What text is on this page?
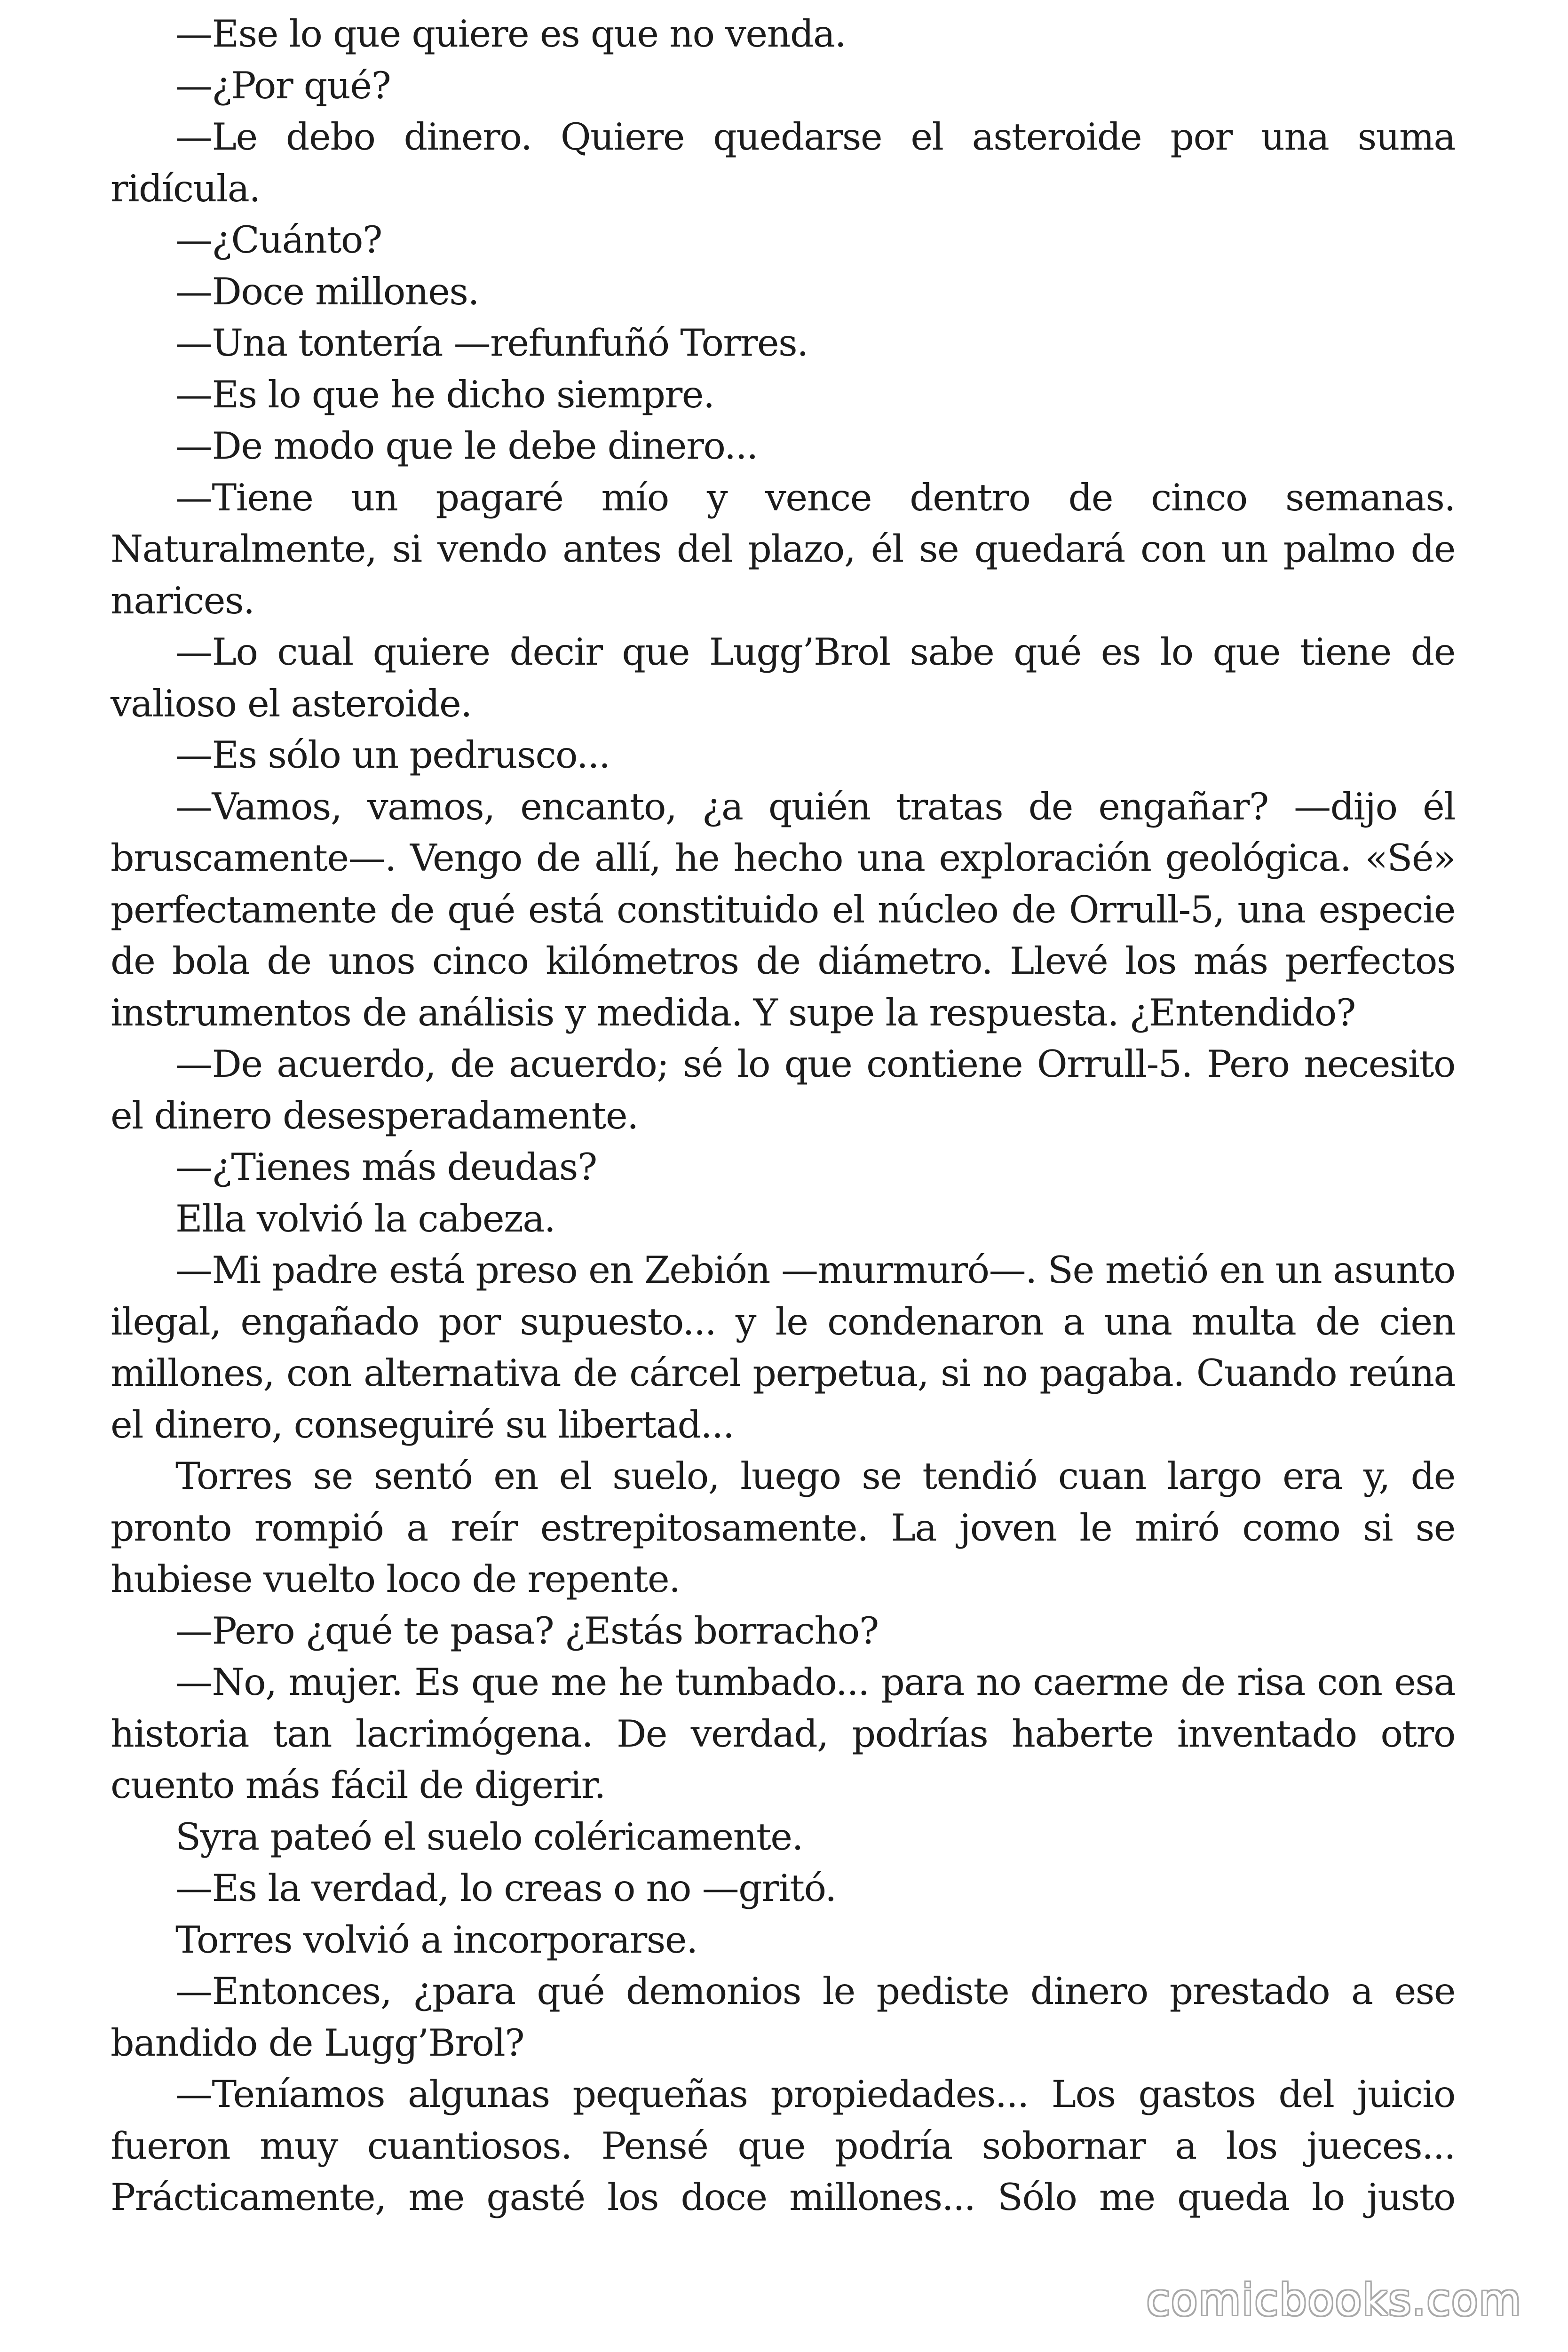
—Ese lo que quiere es que no venda.

—¿Por qué?

—Le debo dinero. Quiere quedarse el asteroide por una suma ridícula.

—¿Cuánto?

—Doce millones.

—Una tontería —refunfuñó Torres.

—Es lo que he dicho siempre.

—De modo que le debe dinero...

—Tiene un pagaré mío y vence dentro de cinco semanas. Naturalmente, si vendo antes del plazo, él se quedará con un palmo de narices.

—Lo cual quiere decir que Lugg’Brol sabe qué es lo que tiene de valioso el asteroide.

—Es sólo un pedrusco...

—Vamos, vamos, encanto, ¿a quién tratas de engañar? —dijo él bruscamente—. Vengo de allí, he hecho una exploración geológica. «Sé» perfectamente de qué está constituido el núcleo de Orrull-5, una especie de bola de unos cinco kilómetros de diámetro. Llevé los más perfectos instrumentos de análisis y medida. Y supe la respuesta. ¿Entendido?

—De acuerdo, de acuerdo; sé lo que contiene Orrull-5. Pero necesito el dinero desesperadamente.

—¿Tienes más deudas?

Ella volvió la cabeza.

—Mi padre está preso en Zebión —murmuró—. Se metió en un asunto ilegal, engañado por supuesto... y le condenaron a una multa de cien millones, con alternativa de cárcel perpetua, si no pagaba. Cuando reúna el dinero, conseguiré su libertad...

Torres se sentó en el suelo, luego se tendió cuan largo era y, de pronto rompió a reír estrepitosamente. La joven le miró como si se hubiese vuelto loco de repente.

—Pero ¿qué te pasa? ¿Estás borracho?

—No, mujer. Es que me he tumbado... para no caerme de risa con esa historia tan lacrimógena. De verdad, podrías haberte inventado otro cuento más fácil de digerir.

Syra pateó el suelo coléricamente.

—Es la verdad, lo creas o no —gritó.

Torres volvió a incorporarse.

—Entonces, ¿para qué demonios le pediste dinero prestado a ese bandido de Lugg’Brol?

—Teníamos algunas pequeñas propiedades... Los gastos del juicio fueron muy cuantiosos. Pensé que podría sobornar a los jueces... Prácticamente, me gasté los doce millones... Sólo me queda lo justo

comicbooks.com
